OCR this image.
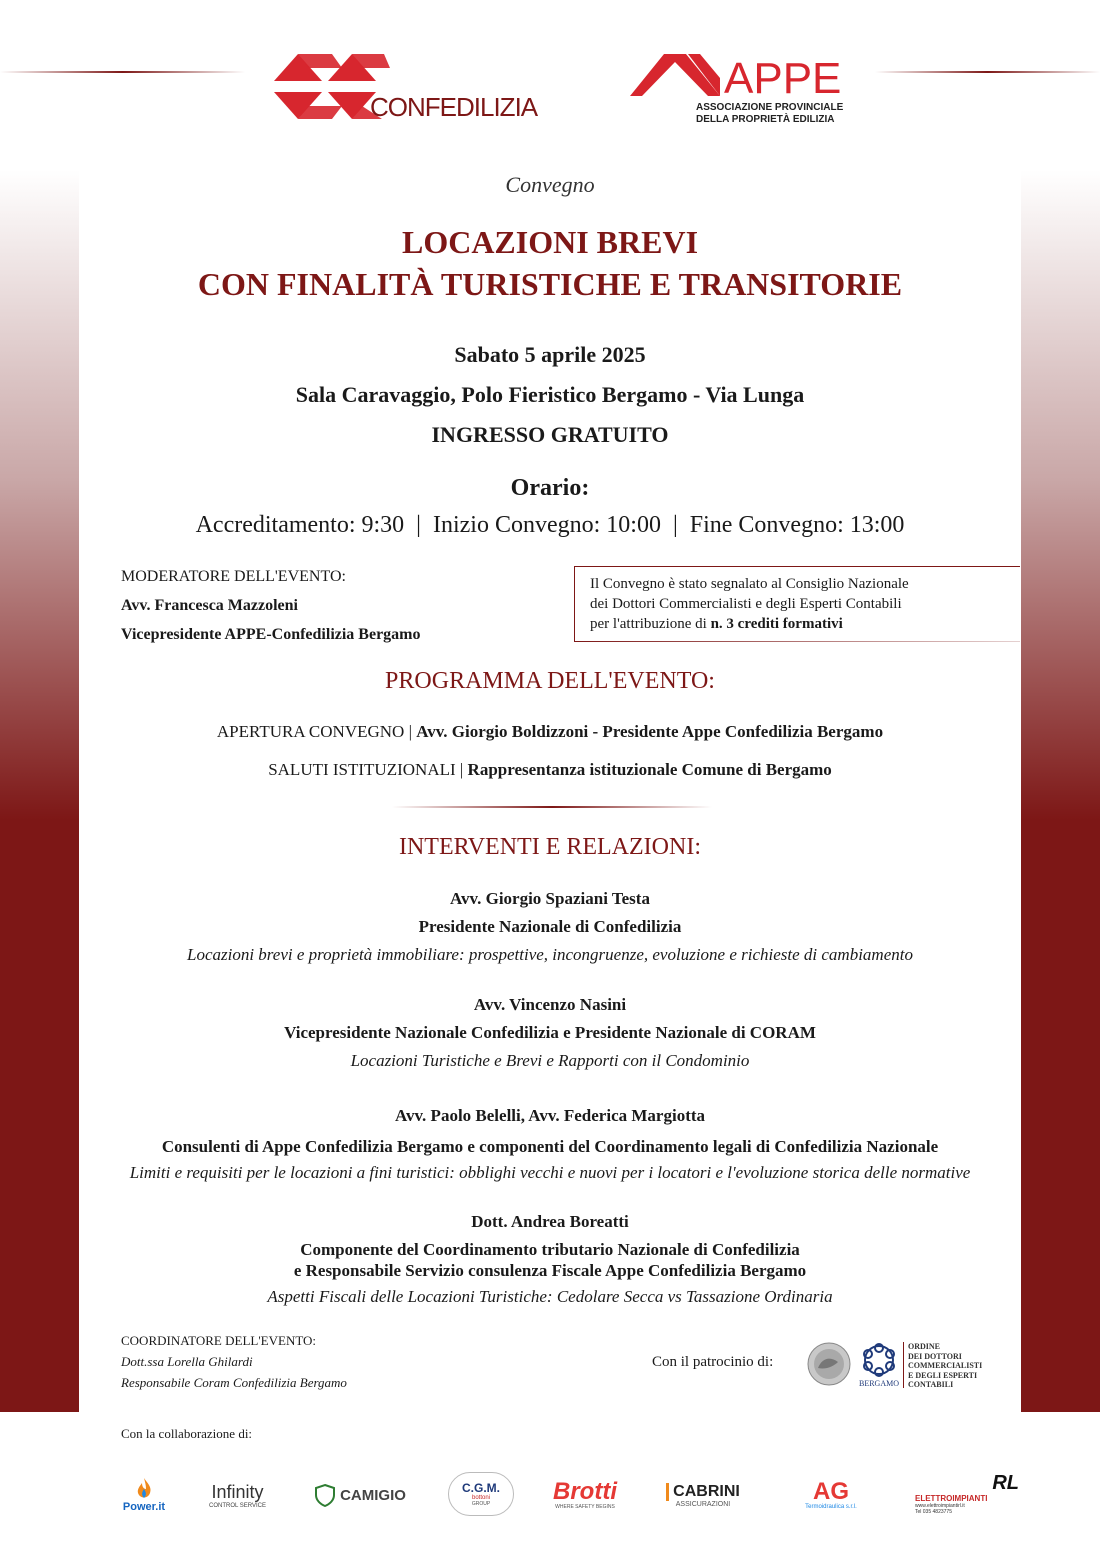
CONFEDILIZIA
APPE
ASSOCIAZIONE PROVINCIALE
DELLA PROPRIETÀ EDILIZIA
Convegno
LOCAZIONI BREVI
CON FINALITÀ TURISTICHE E TRANSITORIE
Sabato 5 aprile 2025
Sala Caravaggio, Polo Fieristico Bergamo - Via Lunga
INGRESSO GRATUITO
Orario:
Accreditamento: 9:30  |  Inizio Convegno: 10:00  |  Fine Convegno: 13:00
MODERATORE DELL'EVENTO:
Avv. Francesca Mazzoleni
Vicepresidente APPE-Confedilizia Bergamo
Il Convegno è stato segnalato al Consiglio Nazionale
dei Dottori Commercialisti e degli Esperti Contabili
per l'attribuzione di n. 3 crediti formativi
PROGRAMMA DELL'EVENTO:
APERTURA CONVEGNO | Avv. Giorgio Boldizzoni - Presidente Appe Confedilizia Bergamo
SALUTI ISTITUZIONALI | Rappresentanza istituzionale Comune di Bergamo
INTERVENTI E RELAZIONI:
Avv. Giorgio Spaziani Testa
Presidente Nazionale di Confedilizia
Locazioni brevi e proprietà immobiliare: prospettive, incongruenze, evoluzione e richieste di cambiamento
Avv. Vincenzo Nasini
Vicepresidente Nazionale Confedilizia e Presidente Nazionale di CORAM
Locazioni Turistiche e Brevi e Rapporti con il Condominio
Avv. Paolo Belelli, Avv. Federica Margiotta
Consulenti di Appe Confedilizia Bergamo e componenti del Coordinamento legali di Confedilizia Nazionale
Limiti e requisiti per le locazioni a fini turistici: obblighi vecchi e nuovi per i locatori e l'evoluzione storica delle normative
Dott. Andrea Boreatti
Componente del Coordinamento tributario Nazionale di Confedilizia
e Responsabile Servizio consulenza Fiscale Appe Confedilizia Bergamo
Aspetti Fiscali delle Locazioni Turistiche: Cedolare Secca vs Tassazione Ordinaria
COORDINATORE DELL'EVENTO:
Dott.ssa Lorella Ghilardi
Responsabile Coram Confedilizia Bergamo
Con il patrocinio di:
BERGAMO
ORDINE
DEI DOTTORI
COMMERCIALISTI
E DEGLI ESPERTI
CONTABILI
Con la collaborazione di:
Power.it
Infinity
CONTROL SERVICE
CAMIGIO	C.G.M.
bottoni
GROUP	Brotti
WHERE SAFETY BEGINS
CABRINI
ASSICURAZIONI	AG
Termoidraulica s.r.l.
RL
ELETTROIMPIANTI
www.elettroimpiantirl.it
Tel 035 4823775
